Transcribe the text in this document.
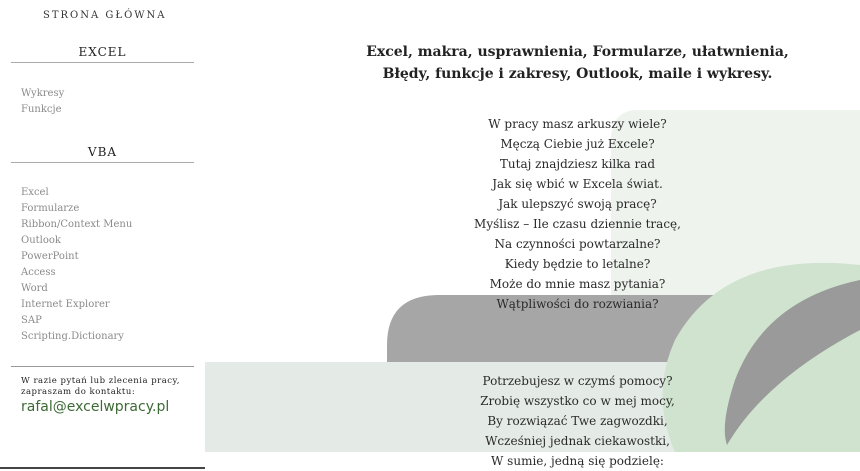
STRONA GŁÓWNA
EXCEL
Wykresy
Funkcje
VBA
Excel
Formularze
Ribbon/Context Menu
Outlook
PowerPoint
Access
Word
Internet Explorer
SAP
Scripting.Dictionary
W razie pytań lub zlecenia pracy,
zapraszam do kontaktu:
rafal@excelwpracy.pl
Excel, makra, usprawnienia, Formularze, ułatwnienia,
Błędy, funkcje i zakresy, Outlook, maile i wykresy.
W pracy masz arkuszy wiele?
Męczą Ciebie już Excele?
Tutaj znajdziesz kilka rad
Jak się wbić w Excela świat.
Jak ulepszyć swoją pracę?
Myślisz – Ile czasu dziennie tracę,
Na czynności powtarzalne?
Kiedy będzie to letalne?
Może do mnie masz pytania?
Wątpliwości do rozwiania?
Potrzebujesz w czymś pomocy?
Zrobię wszystko co w mej mocy,
By rozwiązać Twe zagwozdki,
Wcześniej jednak ciekawostki,
W sumie, jedną się podzielę:
